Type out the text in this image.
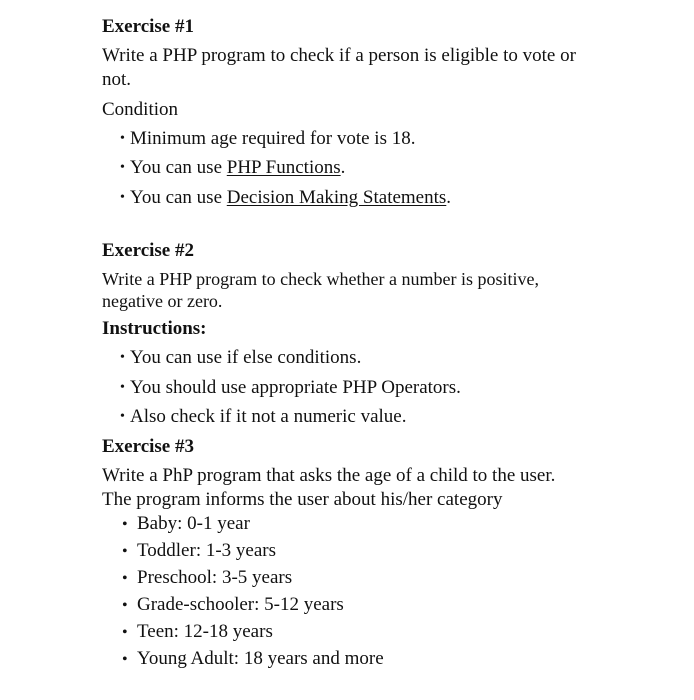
Exercise #1
Write a PHP program to check if a person is eligible to vote or not.
Condition
• Minimum age required for vote is 18.
• You can use PHP Functions.
• You can use Decision Making Statements.
Exercise #2
Write a PHP program to check whether a number is positive, negative or zero.
Instructions:
• You can use if else conditions.
• You should use appropriate PHP Operators.
• Also check if it not a numeric value.
Exercise #3
Write a PhP program that asks the age of a child to the user.
The program informs the user about his/her category
• Baby: 0-1 year
• Toddler: 1-3 years
• Preschool: 3-5 years
• Grade-schooler: 5-12 years
• Teen: 12-18 years
• Young Adult: 18 years and more
